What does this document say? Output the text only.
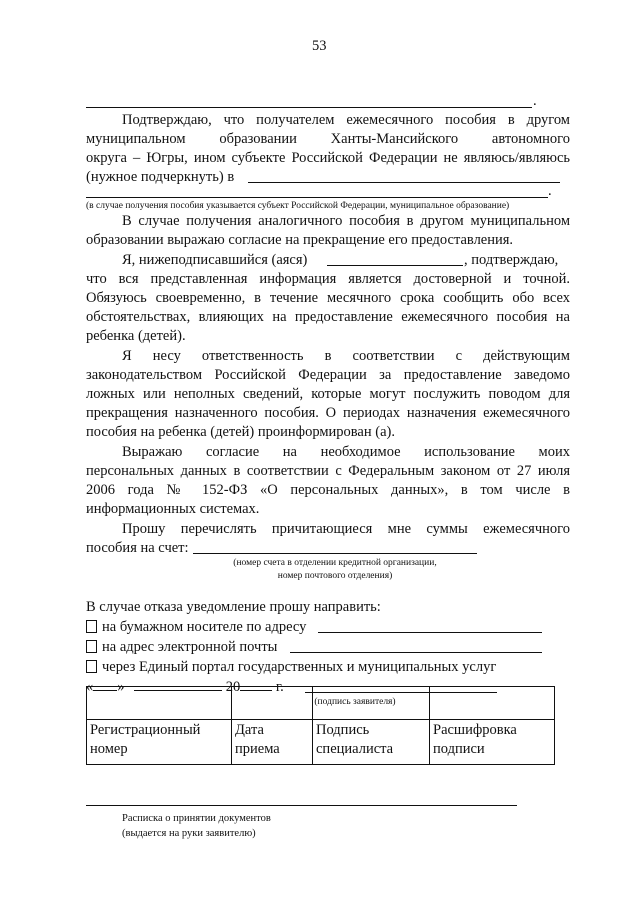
53
.
Подтверждаю, что получателем ежемесячного пособия в другом
муниципальном образовании Ханты-Мансийского автономного
округа – Югры, ином субъекте Российской Федерации не являюсь/являюсь
(нужное подчеркнуть) в
.
(в случае получения пособия указывается субъект Российской Федерации, муниципальное образование)
В случае получения аналогичного пособия в другом муниципальном
образовании выражаю согласие на прекращение его предоставления.
Я, нижеподписавшийся (аяся)	, подтверждаю,
что вся представленная информация является достоверной и точной.
Обязуюсь своевременно, в течение месячного срока сообщить обо всех
обстоятельствах, влияющих на предоставление ежемесячного пособия на
ребенка (детей).
Я несу ответственность в соответствии с действующим
законодательством Российской Федерации за предоставление заведомо
ложных или неполных сведений, которые могут послужить поводом для
прекращения назначенного пособия. О периодах назначения ежемесячного
пособия на ребенка (детей) проинформирован (а).
Выражаю согласие на необходимое использование моих
персональных данных в соответствии с Федеральным законом от 27 июля
2006 года № 152-ФЗ «О персональных данных», в том числе в
информационных системах.
Прошу перечислять причитающиеся мне суммы ежемесячного
пособия на счет:
(номер счета в отделении кредитной организации,
номер почтового отделения)
В случае отказа уведомление прошу направить:
на бумажном носителе по адресу
на адрес электронной почты
через Единый портал государственных и муниципальных услуг
« »	20 г.
(подпись заявителя)

Регистрационный номер	Дата приема	Подпись специалиста	Расшифровка подписи
Расписка о принятии документов
(выдается на руки заявителю)
